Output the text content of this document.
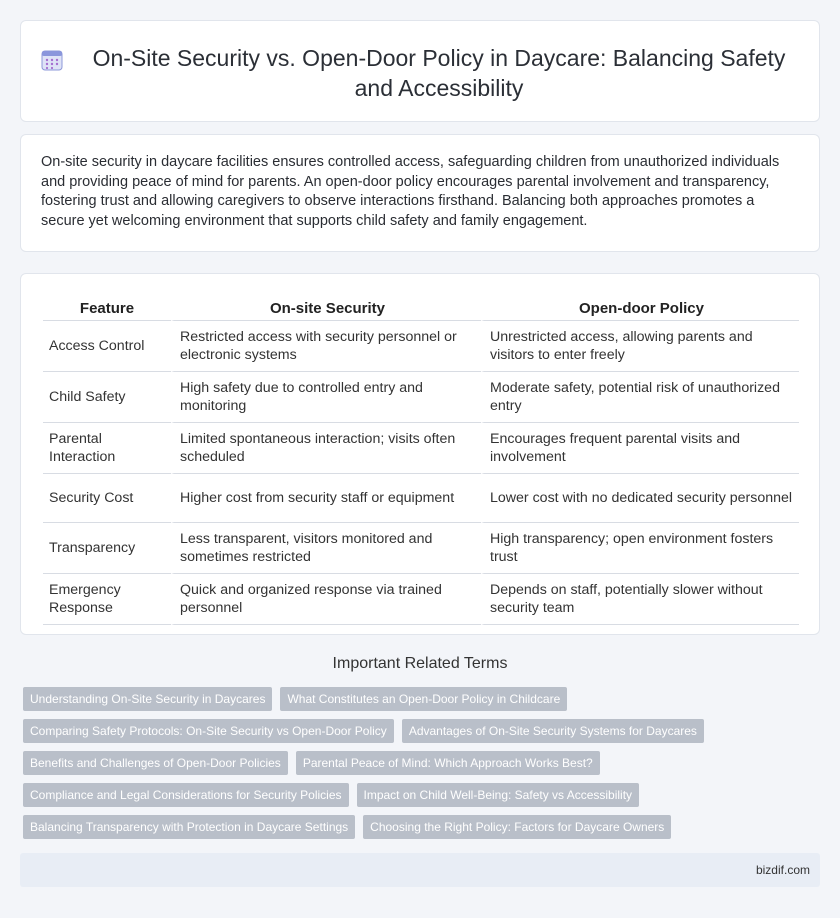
On-Site Security vs. Open-Door Policy in Daycare: Balancing Safety and Accessibility

On-site security in daycare facilities ensures controlled access, safeguarding children from unauthorized individuals and providing peace of mind for parents. An open-door policy encourages parental involvement and transparency, fostering trust and allowing caregivers to observe interactions firsthand. Balancing both approaches promotes a secure yet welcoming environment that supports child safety and family engagement.

Feature	On-site Security	Open-door Policy
Access Control	Restricted access with security personnel or electronic systems	Unrestricted access, allowing parents and visitors to enter freely
Child Safety	High safety due to controlled entry and monitoring	Moderate safety, potential risk of unauthorized entry
Parental Interaction	Limited spontaneous interaction; visits often scheduled	Encourages frequent parental visits and involvement
Security Cost	Higher cost from security staff or equipment	Lower cost with no dedicated security personnel
Transparency	Less transparent, visitors monitored and sometimes restricted	High transparency; open environment fosters trust
Emergency Response	Quick and organized response via trained personnel	Depends on staff, potentially slower without security team
Important Related Terms
Understanding On-Site Security in Daycares	What Constitutes an Open-Door Policy in Childcare
Comparing Safety Protocols: On-Site Security vs Open-Door Policy	Advantages of On-Site Security Systems for Daycares
Benefits and Challenges of Open-Door Policies	Parental Peace of Mind: Which Approach Works Best?
Compliance and Legal Considerations for Security Policies	Impact on Child Well-Being: Safety vs Accessibility
Balancing Transparency with Protection in Daycare Settings	Choosing the Right Policy: Factors for Daycare Owners
bizdif.com
